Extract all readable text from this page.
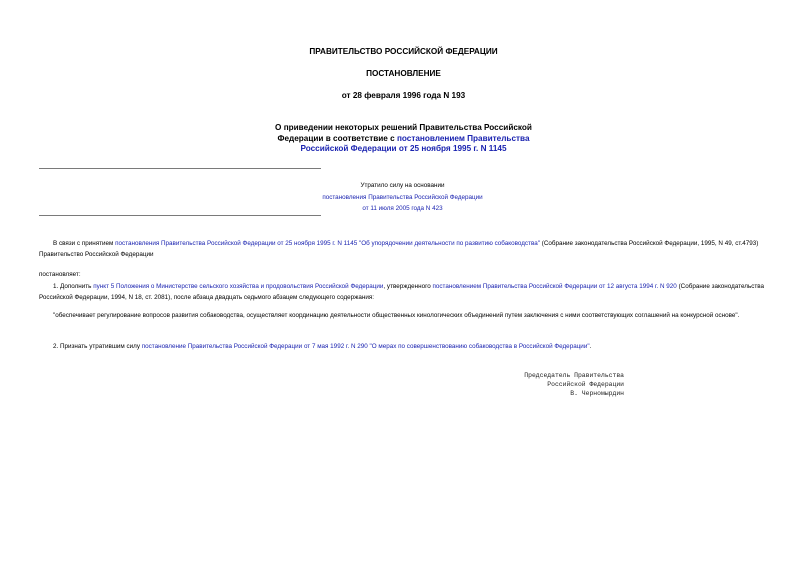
ПРАВИТЕЛЬСТВО РОССИЙСКОЙ ФЕДЕРАЦИИ
ПОСТАНОВЛЕНИЕ
от 28 февраля 1996 года N 193
О приведении некоторых решений Правительства Российской
Федерации в соответствие с постановлением Правительства
Российской Федерации от 25 ноября 1995 г. N 1145
Утратило силу на основании
постановления Правительства Российской Федерации
от 11 июля 2005 года N 423
В связи с принятием постановления Правительства Российской Федерации от 25 ноября 1995 г. N 1145 "Об упорядочении деятельности по развитию собаководства" (Собрание законодательства Российской Федерации, 1995, N 49, ст.4793) Правительство Российской Федерации
постановляет:
1. Дополнить пункт 5 Положения о Министерстве сельского хозяйства и продовольствия Российской Федерации, утвержденного постановлением Правительства Российской Федерации от 12 августа 1994 г. N 920 (Собрание законодательства Российской Федерации, 1994, N 18, ст. 2081), после абзаца двадцать седьмого абзацем следующего содержания:
"обеспечивает регулирование вопросов развития собаководства, осуществляет координацию деятельности общественных кинологических объединений путем заключения с ними соответствующих соглашений на конкурсной основе".
2. Признать утратившим силу постановление Правительства Российской Федерации от 7 мая 1992 г. N 290 "О мерах по совершенствованию собаководства в Российской Федерации".
Председатель Правительства
Российской Федерации
В. Черномырдин
